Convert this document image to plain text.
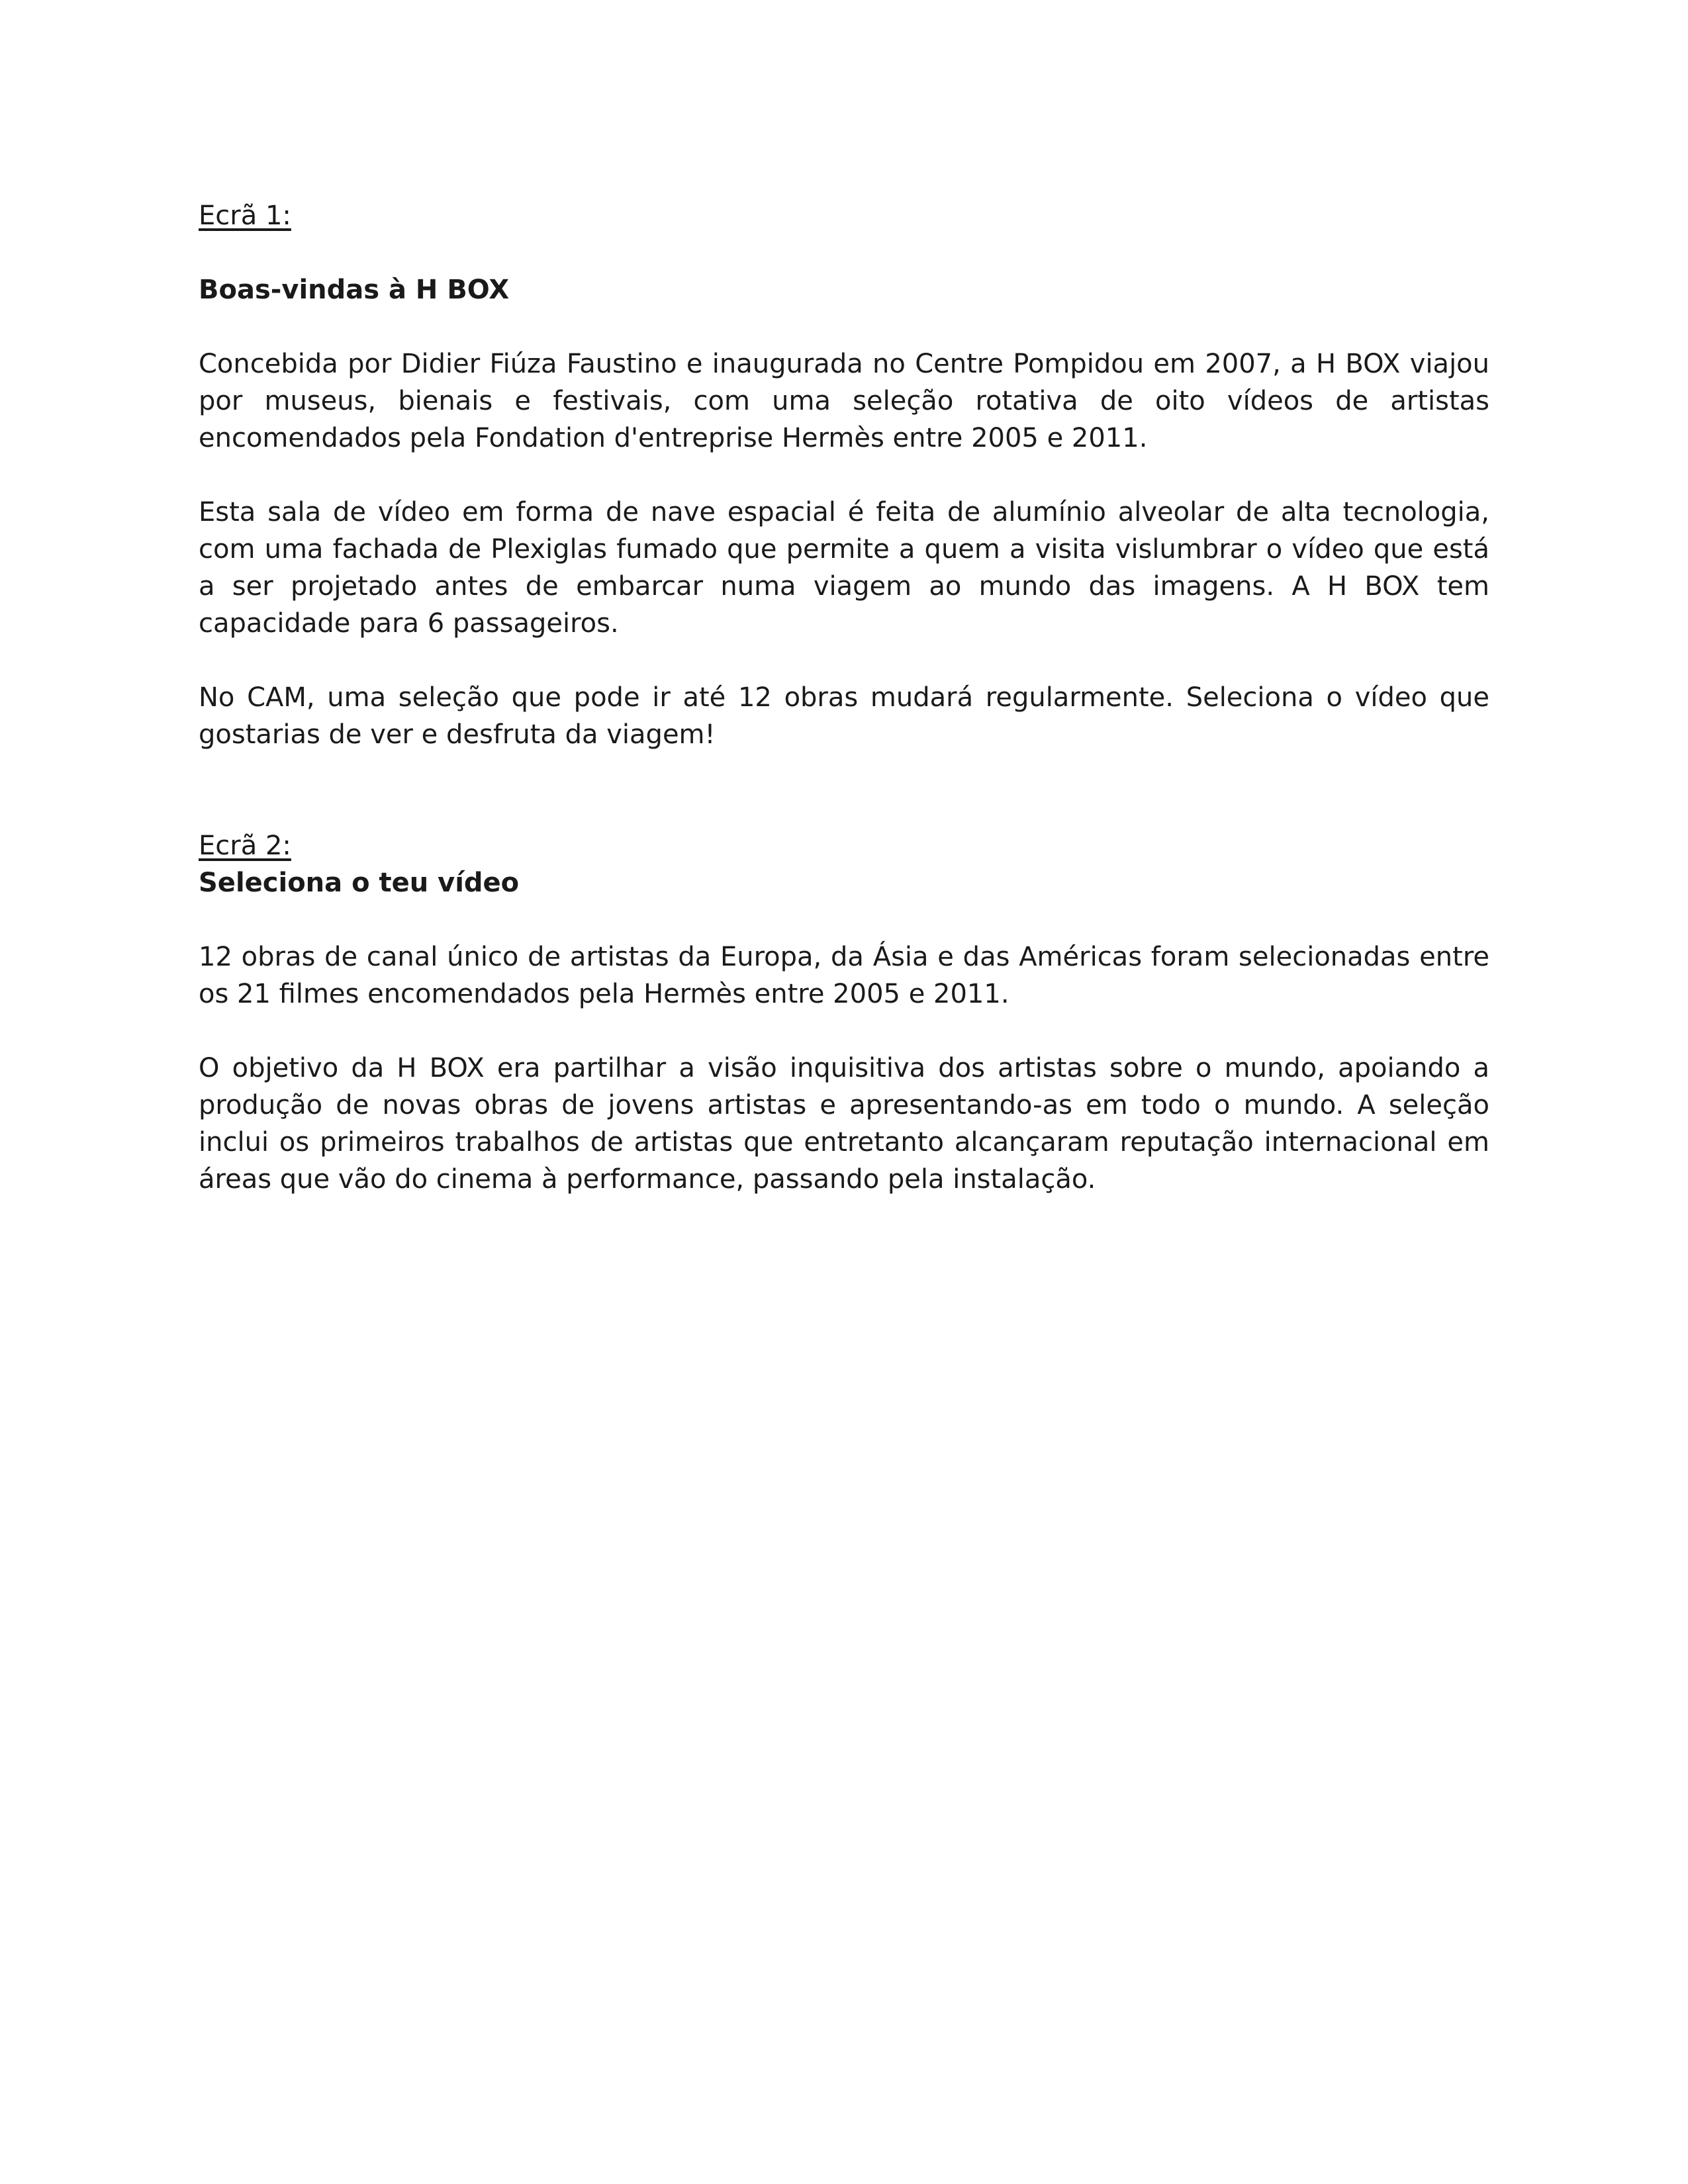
Ecrã 1:
Boas-vindas à H BOX

Concebida por Didier Fiúza Faustino e inaugurada no Centre Pompidou em 2007, a H BOX viajou por museus, bienais e festivais, com uma seleção rotativa de oito vídeos de artistas encomendados pela Fondation d'entreprise Hermès entre 2005 e 2011.

Esta sala de vídeo em forma de nave espacial é feita de alumínio alveolar de alta tecnologia, com uma fachada de Plexiglas fumado que permite a quem a visita vislumbrar o vídeo que está a ser projetado antes de embarcar numa viagem ao mundo das imagens. A H BOX tem capacidade para 6 passageiros.

No CAM, uma seleção que pode ir até 12 obras mudará regularmente. Seleciona o vídeo que gostarias de ver e desfruta da viagem!

Ecrã 2:
Seleciona o teu vídeo

12 obras de canal único de artistas da Europa, da Ásia e das Américas foram selecionadas entre os 21 filmes encomendados pela Hermès entre 2005 e 2011.

O objetivo da H BOX era partilhar a visão inquisitiva dos artistas sobre o mundo, apoiando a produção de novas obras de jovens artistas e apresentando-as em todo o mundo. A seleção inclui os primeiros trabalhos de artistas que entretanto alcançaram reputação internacional em áreas que vão do cinema à performance, passando pela instalação.
